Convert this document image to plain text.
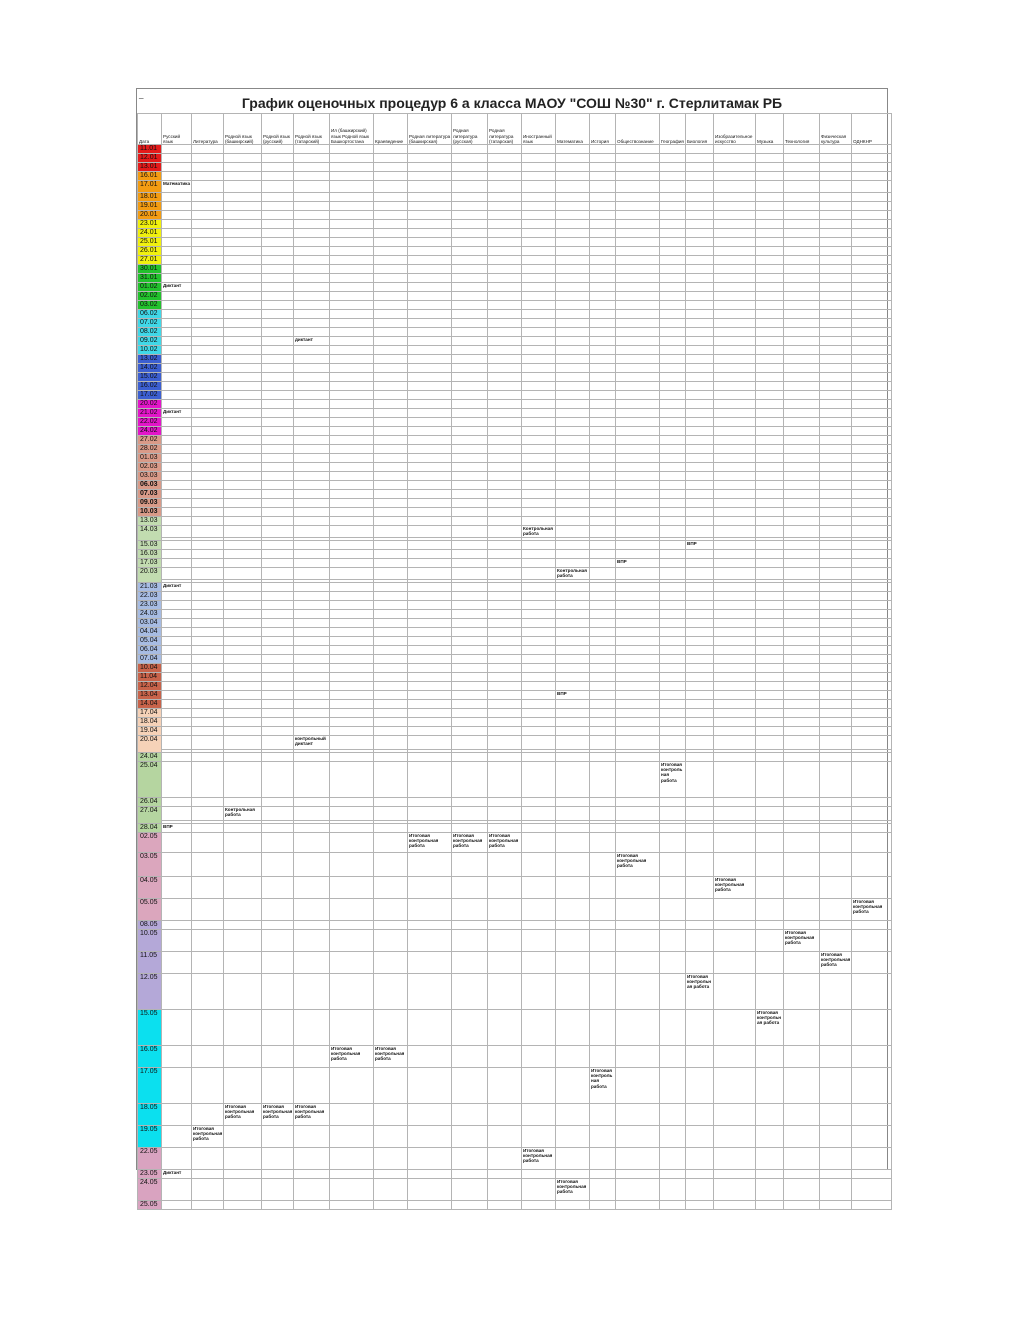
_
График оценочных процедур 6 а класса МАОУ "СОШ №30" г. Стерлитамак РБ
Дата	Русский язык	Литература	Родной язык (башкирский)	Родной язык (русский)	Родной язык (татарский)	Ил (башкирский) язык Родной язык Башкортостана	Краеведение	Родная литература (башкирская)	Родная литература (русская)	Родная литература (татарская)	Иностранный язык	Математика	История	Обществознание	География	Биология	Изобразительное искусство	Музыка	Технология	Физическая культура	ОДНКНР
11.01																					
12.01																					
13.01																					
16.01																					
17.01	Математика																				
18.01																					
19.01																					
20.01																					
23.01																					
24.01																					
25.01																					
26.01																					
27.01																					
30.01																					
31.01																					
01.02	Диктант																				
02.02																					
03.02																					
06.02																					
07.02																					
08.02																					
09.02					диктант																
10.02																					
13.02																					
14.02																					
15.02																					
16.02																					
17.02																					
20.02																					
21.02	Диктант																				
22.02																					
24.02																					
27.02																					
28.02																					
01.03																					
02.03																					
03.03																					
06.03																					
07.03																					
09.03																					
10.03																					
13.03																					
14.03											Контрольная работа										

15.03																ВПР					
16.03																					
17.03														ВПР							
20.03												Контрольная работа									

21.03	Диктант																				
22.03																					
23.03																					
24.03																					
03.04																					
04.04																					
05.04																					
06.04																					
07.04																					
10.04																					
11.04																					
12.04																					
13.04												ВПР									
14.04																					
17.04																					
18.04																					
19.04																					
20.04					контрольный диктант																

24.04																					
25.04															Итоговая контрольная работа						
26.04																					
27.04			Контрольная работа																		

28.04	ВПР																				
02.05								Итоговая контрольная работа	Итоговая контрольная работа	Итоговая контрольная работа											
03.05														Итоговая контрольная работа							
04.05																	Итоговая контрольная работа				
05.05																					Итоговая контрольная работа
08.05																					
10.05																			Итоговая контрольная работа		
11.05																				Итоговая контрольная работа	
12.05																Итоговая контрольная работа					
15.05																		Итоговая контрольная работа			
16.05						Итоговая контрольная работа	Итоговая контрольная работа														
17.05													Итоговая контрольная работа								
18.05			Итоговая контрольная работа	Итоговая контрольная работа	Итоговая контрольная работа																
19.05		Итоговая контрольная работа																			
22.05											Итоговая контрольная работа										
23.05	Диктант																				
24.05												Итоговая контрольная работа									
25.05																					
